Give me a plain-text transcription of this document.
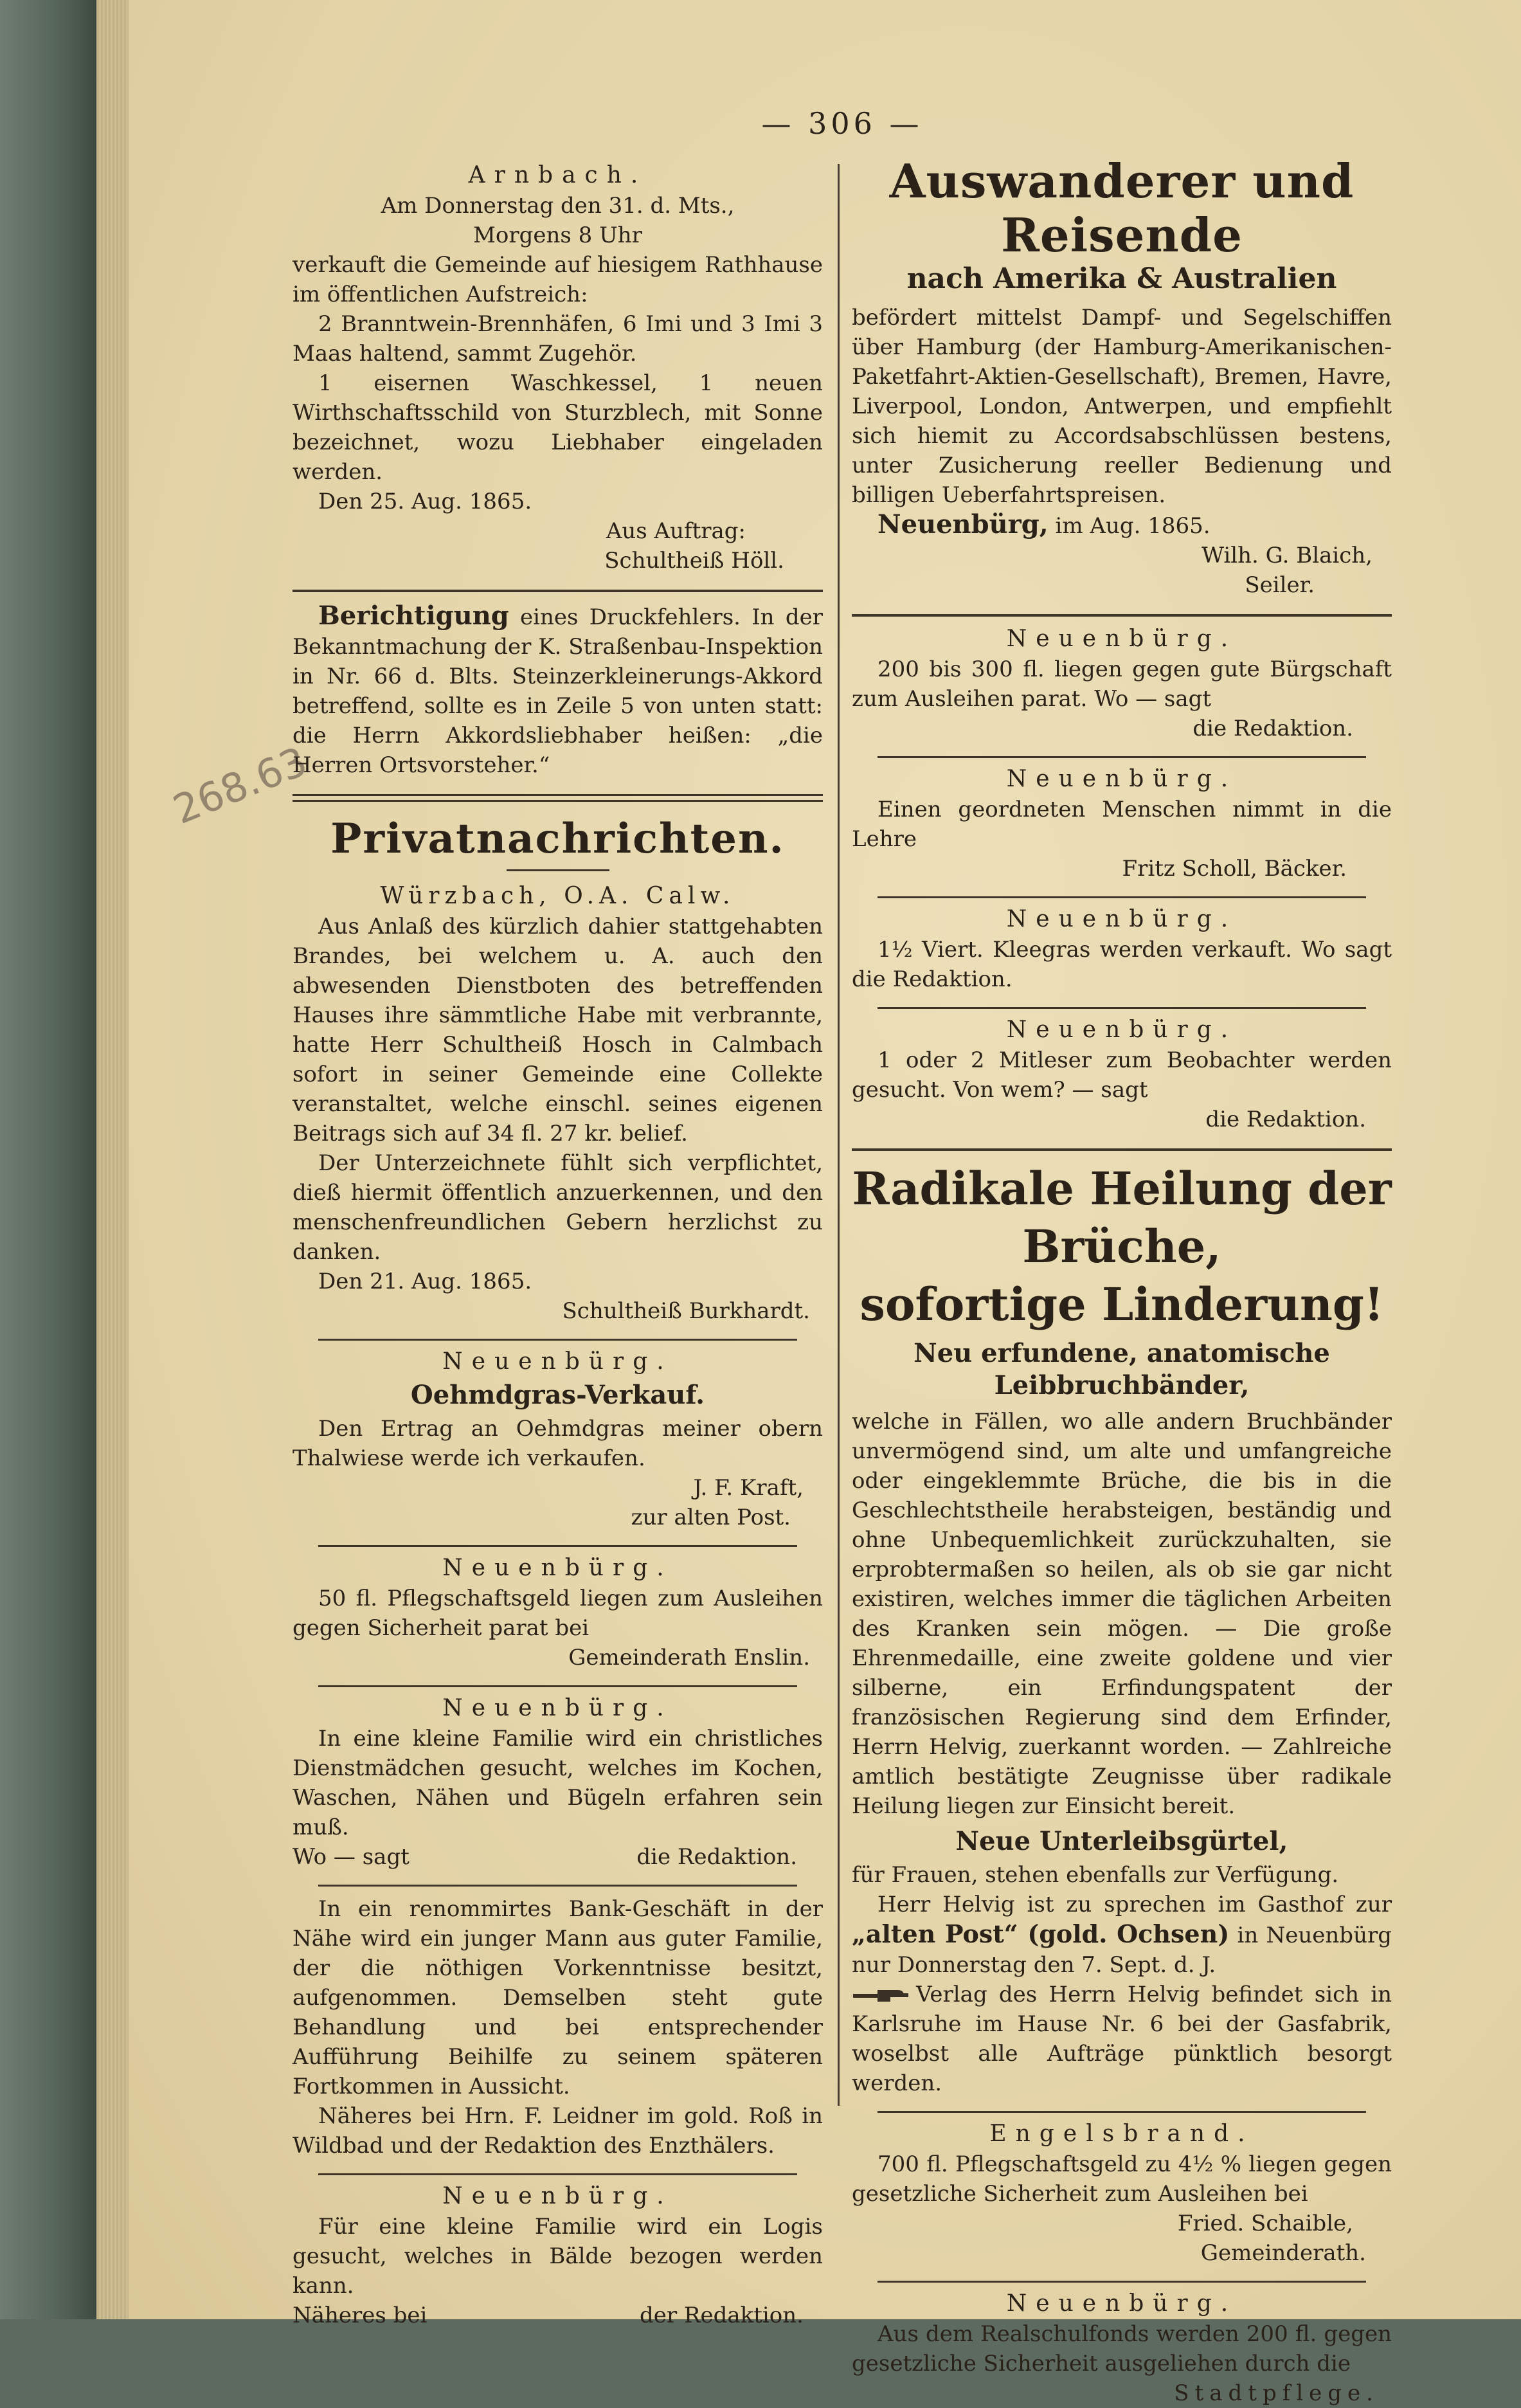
— 306 —
268.63
Arnbach.

Am Donnerstag den 31. d. Mts.,

Morgens 8 Uhr

verkauft die Gemeinde auf hiesigem Rathhause im öffentlichen Aufstreich:

2 Branntwein-Brennhäfen, 6 Imi und 3 Imi 3 Maas haltend, sammt Zugehör.

1 eisernen Waschkessel, 1 neuen Wirthschaftsschild von Sturzblech, mit Sonne bezeichnet, wozu Liebhaber eingeladen werden.

Den 25. Aug. 1865.

Aus Auftrag:

Schultheiß Höll.

Berichtigung eines Druckfehlers. In der Bekanntmachung der K. Straßenbau-Inspektion in Nr. 66 d. Blts. Steinzerkleinerungs-Akkord betreffend, sollte es in Zeile 5 von unten statt: die Herrn Akkordsliebhaber heißen: „die Herren Ortsvorsteher.“

Privatnachrichten.
Würzbach, O.A. Calw.

Aus Anlaß des kürzlich dahier stattgehabten Brandes, bei welchem u. A. auch den abwesenden Dienstboten des betreffenden Hauses ihre sämmtliche Habe mit verbrannte, hatte Herr Schultheiß Hosch in Calmbach sofort in seiner Gemeinde eine Collekte veranstaltet, welche einschl. seines eigenen Beitrags sich auf 34 fl. 27 kr. belief.

Der Unterzeichnete fühlt sich verpflichtet, dieß hiermit öffentlich anzuerkennen, und den menschenfreundlichen Gebern herzlichst zu danken.

Den 21. Aug. 1865.

Schultheiß Burkhardt.

Neuenbürg.
Oehmdgras-Verkauf.

Den Ertrag an Oehmdgras meiner obern Thalwiese werde ich verkaufen.

J. F. Kraft,

zur alten Post.

Neuenbürg.

50 fl. Pflegschaftsgeld liegen zum Ausleihen gegen Sicherheit parat bei

Gemeinderath Enslin.

Neuenbürg.

In eine kleine Familie wird ein christliches Dienstmädchen gesucht, welches im Kochen, Waschen, Nähen und Bügeln erfahren sein muß.

Wo — sagt	die Redaktion.

In ein renommirtes Bank-Geschäft in der Nähe wird ein junger Mann aus guter Familie, der die nöthigen Vorkenntnisse besitzt, aufgenommen. Demselben steht gute Behandlung und bei entsprechender Aufführung Beihilfe zu seinem späteren Fortkommen in Aussicht.

Näheres bei Hrn. F. Leidner im gold. Roß in Wildbad und der Redaktion des Enzthälers.

Neuenbürg.

Für eine kleine Familie wird ein Logis gesucht, welches in Bälde bezogen werden kann.

Näheres bei	der Redaktion.

Auswanderer und Reisende
nach Amerika & Australien

befördert mittelst Dampf- und Segelschiffen über Hamburg (der Hamburg-Amerikanischen-Paketfahrt-Aktien-Gesellschaft), Bremen, Havre, Liverpool, London, Antwerpen, und empfiehlt sich hiemit zu Accordsabschlüssen bestens, unter Zusicherung reeller Bedienung und billigen Ueberfahrtspreisen.

Neuenbürg, im Aug. 1865.

Wilh. G. Blaich,

Seiler.

Neuenbürg.

200 bis 300 fl. liegen gegen gute Bürgschaft zum Ausleihen parat. Wo — sagt

die Redaktion.

Neuenbürg.

Einen geordneten Menschen nimmt in die Lehre

Fritz Scholl, Bäcker.

Neuenbürg.

1½ Viert. Kleegras werden verkauft. Wo sagt die Redaktion.

Neuenbürg.

1 oder 2 Mitleser zum Beobachter werden gesucht. Von wem? — sagt

die Redaktion.

Radikale Heilung der Brüche,
sofortige Linderung!
Neu erfundene, anatomische Leibbruchbänder,

welche in Fällen, wo alle andern Bruchbänder unvermögend sind, um alte und umfangreiche oder eingeklemmte Brüche, die bis in die Geschlechtstheile herabsteigen, beständig und ohne Unbequemlichkeit zurückzuhalten, sie erprobtermaßen so heilen, als ob sie gar nicht existiren, welches immer die täglichen Arbeiten des Kranken sein mögen. — Die große Ehrenmedaille, eine zweite goldene und vier silberne, ein Erfindungspatent der französischen Regierung sind dem Erfinder, Herrn Helvig, zuerkannt worden. — Zahlreiche amtlich bestätigte Zeugnisse über radikale Heilung liegen zur Einsicht bereit.

Neue Unterleibsgürtel,

für Frauen, stehen ebenfalls zur Verfügung.

Herr Helvig ist zu sprechen im Gasthof zur „alten Post“ (gold. Ochsen) in Neuenbürg nur Donnerstag den 7. Sept. d. J.

Verlag des Herrn Helvig befindet sich in Karlsruhe im Hause Nr. 6 bei der Gasfabrik, woselbst alle Aufträge pünktlich besorgt werden.

Engelsbrand.

700 fl. Pflegschaftsgeld zu 4½ % liegen gegen gesetzliche Sicherheit zum Ausleihen bei

Fried. Schaible,

Gemeinderath.

Neuenbürg.

Aus dem Realschulfonds werden 200 fl. gegen gesetzliche Sicherheit ausgeliehen durch die

Stadtpflege.
